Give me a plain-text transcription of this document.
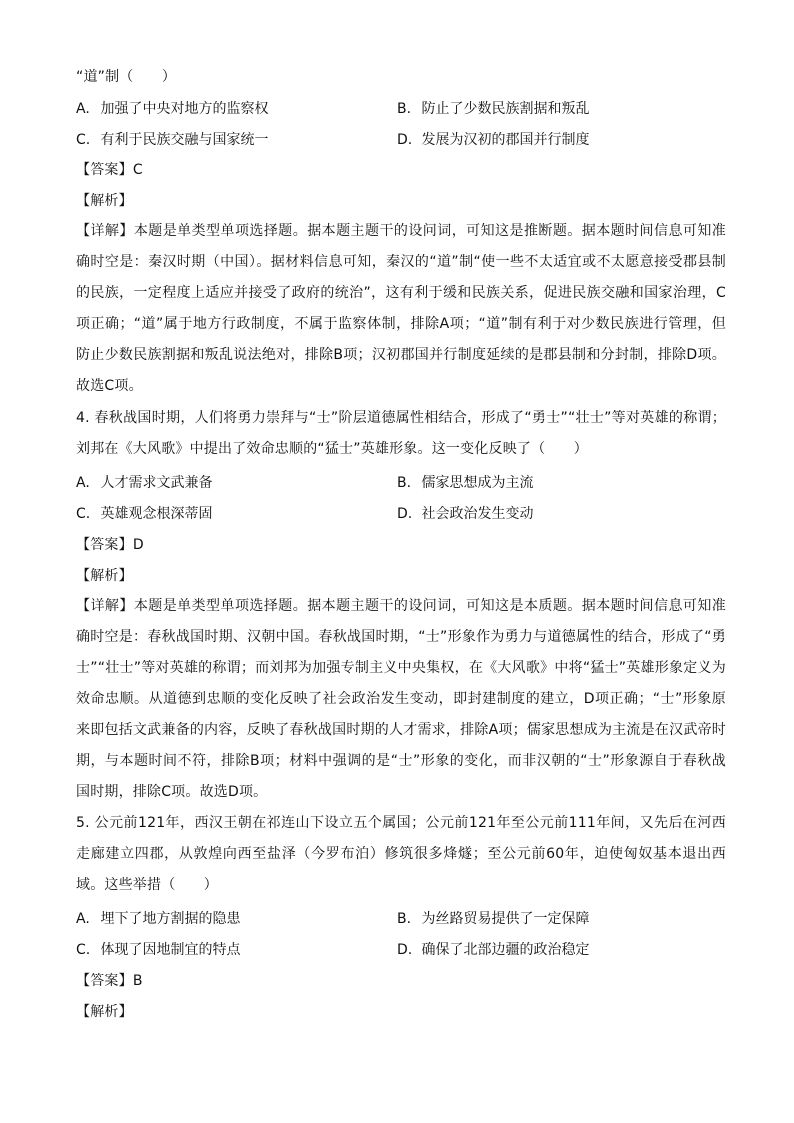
“道”制（　　）
A. 加强了中央对地方的监察权	B. 防止了少数民族割据和叛乱
C. 有利于民族交融与国家统一	D. 发展为汉初的郡国并行制度
【答案】C
【解析】
【详解】本题是单类型单项选择题。据本题主题干的设问词，可知这是推断题。据本题时间信息可知准确时空是：秦汉时期（中国）。据材料信息可知，秦汉的“道”制“使一些不太适宜或不太愿意接受郡县制的民族，一定程度上适应并接受了政府的统治”，这有利于缓和民族关系，促进民族交融和国家治理，C项正确；“道”属于地方行政制度，不属于监察体制，排除A项；“道”制有利于对少数民族进行管理，但防止少数民族割据和叛乱说法绝对，排除B项；汉初郡国并行制度延续的是郡县制和分封制，排除D项。故选C项。
4. 春秋战国时期，人们将勇力崇拜与“士”阶层道德属性相结合，形成了“勇士”“壮士”等对英雄的称谓；刘邦在《大风歌》中提出了效命忠顺的“猛士”英雄形象。这一变化反映了（　　）
A. 人才需求文武兼备	B. 儒家思想成为主流
C. 英雄观念根深蒂固	D. 社会政治发生变动
【答案】D
【解析】
【详解】本题是单类型单项选择题。据本题主题干的设问词，可知这是本质题。据本题时间信息可知准确时空是：春秋战国时期、汉朝中国。春秋战国时期，“士”形象作为勇力与道德属性的结合，形成了“勇士”“壮士”等对英雄的称谓；而刘邦为加强专制主义中央集权，在《大风歌》中将“猛士”英雄形象定义为效命忠顺。从道德到忠顺的变化反映了社会政治发生变动，即封建制度的建立，D项正确；“士”形象原来即包括文武兼备的内容，反映了春秋战国时期的人才需求，排除A项；儒家思想成为主流是在汉武帝时期，与本题时间不符，排除B项；材料中强调的是“士”形象的变化，而非汉朝的“士”形象源自于春秋战国时期，排除C项。故选D项。
5. 公元前121年，西汉王朝在祁连山下设立五个属国；公元前121年至公元前111年间，又先后在河西走廊建立四郡，从敦煌向西至盐泽（今罗布泊）修筑很多烽燧；至公元前60年，迫使匈奴基本退出西域。这些举措（　　）
A. 埋下了地方割据的隐患	B. 为丝路贸易提供了一定保障
C. 体现了因地制宜的特点	D. 确保了北部边疆的政治稳定
【答案】B
【解析】
